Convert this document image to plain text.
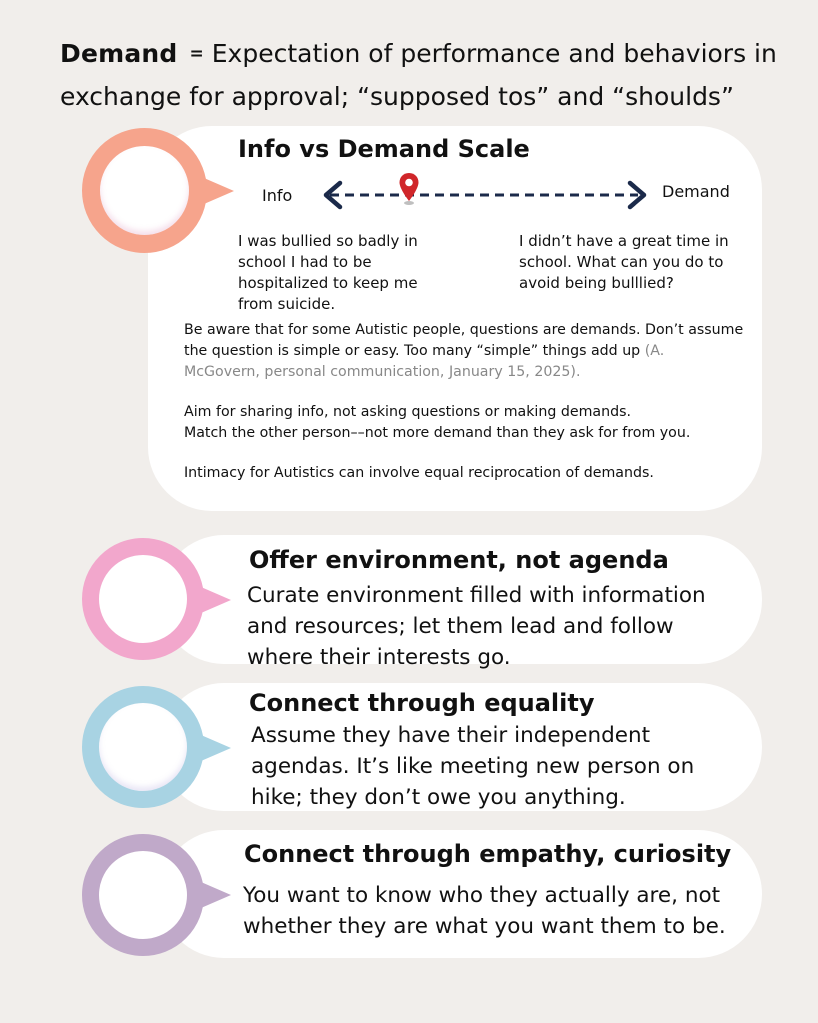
Demand = Expectation of performance and behaviors in exchange for approval; “supposed tos” and “shoulds”

Info vs Demand Scale

Info	Demand

I was bullied so badly in school I had to be hospitalized to keep me from suicide.

I didn’t have a great time in school. What can you do to avoid being bulllied?

Be aware that for some Autistic people, questions are demands. Don’t assume the question is simple or easy. Too many “simple” things add up (A. McGovern, personal communication, January 15, 2025).

Aim for sharing info, not asking questions or making demands.
Match the other person––not more demand than they ask for from you.

Intimacy for Autistics can involve equal reciprocation of demands.

Offer environment, not agenda

Curate environment filled with information and resources; let them lead and follow where their interests go.

Connect through equality

Assume they have their independent agendas. It’s like meeting new person on hike; they don’t owe you anything.

Connect through empathy, curiosity

You want to know who they actually are, not whether they are what you want them to be.
